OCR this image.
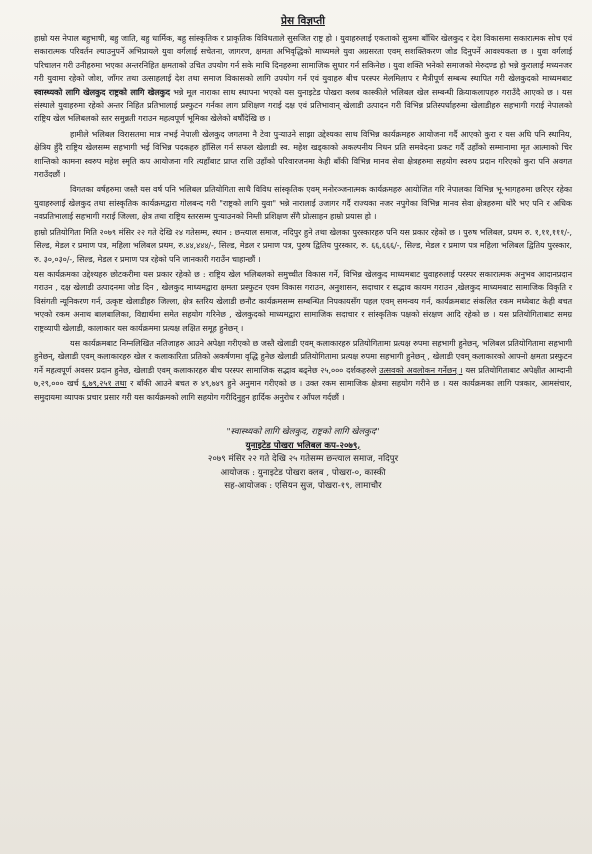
प्रेस विज्ञप्ती

हाम्रो यस नेपाल बहुभाषी, बहु जाति, बहु धार्मिक, बहु सांस्कृतिक र प्राकृतिक विविधताले सुसजित राष्ट्र हो । युवाहरुलाई एकताको सुत्रमा बाँधिर खेलकुद र देश विकासमा सकारात्मक सोच एवं सकारात्मक परिवर्तन ल्याउनुपर्ने अभिप्रायले युवा वर्गलाई सचेतना, जागरण, क्षमता अभिवृद्धिको माध्यमले युवा अग्रसरता एवम् सशक्तिकरण जोड दिनुपर्ने आवश्यकता छ । युवा वर्गलाई परिचालन गरी उनीहरुमा भएका अन्तरनिहित क्षमताको उचित उपयोग गर्न सके माथि दिनहरुमा सामाजिक सुधार गर्न सकिनेछ । युवा शक्ति भनेको समाजको मेरुदण्ड हो भन्ने कुरालाई मध्यनजर गरी युवामा रहेको जोश, जाँगर तथा उत्साहलाई देश तथा समाज विकासको लागि उपयोग गर्न एवं युवाहरु बीच परस्पर मेलमिलाप र मैत्रीपूर्ण सम्बन्ध स्थापित गरी खेलकुदको माध्यमबाट स्वास्थ्यको लागि खेलकुद राष्ट्रको लागि खेलकुद भन्ने मूल नाराका साथ स्थापना भएको यस युनाइटेड पोखरा क्लब कास्कीले भलिबल खेल सम्बन्धी क्रियाकलापहरु गराउँदै आएको छ । यस संस्थाले युवाहरुमा रहेको अन्तर निहित प्रतिभालाई प्रस्फुटन गर्नका लाग प्रशिक्षण गराई दक्ष एवं प्रतिभावान् खेलाडी उत्पादन गरी विभिन्न प्रतिस्पर्धाहरुमा खेलाडीहरु सहभागी गराई नेपालको राष्ट्रिय खेल भलिबलको स्तर समुन्नती गराउन महत्वपूर्ण भूमिका खेलेको बर्षौंदेखि छ ।

हामीले भलिबल विरासतमा मात्र नभई नेपाली खेलकुद जगतमा नै टेवा पुऱ्याउने साझा उद्देश्यका साथ विभिन्न कार्यक्रमहरु आयोजना गर्दै आएको कुरा र यस अघि पनि स्थानिय, क्षेत्रिय हुँदै राष्ट्रिय खेलसम्म सहभागी भई विभिन्न पदकहरु हाँसिल गर्न सफल खेलाडी स्व. महेश खड्काको अकल्पनीय निधन प्रति समवेदना प्रकट गर्दै उहाँको सम्मानामा मृत आत्माको चिर शान्तिको कामना स्वरुप महेश स्मृति कप आयोजना गरि त्यहाँबाट प्राप्त राशि उहाँको परिवारजनमा केही बाँकी विभिन्न मानव सेवा क्षेत्रहरुमा सहयोग स्वरुप प्रदान गरिएको कुरा पनि अवगत गराउँदछौं ।

विगतका वर्षहरुमा जस्तै यस वर्ष पनि भलिबल प्रतियोगिता साथै विविध सांस्कृतिक एवम् मनोरञ्जनात्मक कार्यक्रमहरु आयोजित गरि नेपालका विभिन्न भू-भागहरुमा छरिएर रहेका युवाहरुलाई खेलकुद तथा सांस्कृतिक कार्यक्रमद्वारा गोलबन्द गरी "राष्ट्रको लागि युवा" भन्ने नारालाई उजागर गर्दै राज्यका नजर नपुगेका विभिन्न मानव सेवा क्षेत्रहरुमा थोरै भए पनि र अधिक नवप्रतिभालाई सहभागी गराई जिल्ला, क्षेत्र तथा राष्ट्रिय स्तरसम्म पुऱ्याउनको निम्ती प्रशिक्षण सँगै प्रोत्साहन हाम्रो प्रयास हो ।

हाम्रो प्रतियोगिता मिति २०७९ मंसिर २२ गते देखि २४ गतेसम्म, स्थान : छन्त्याल समाज, नदिपुर हुने तथा खेलका पुरस्कारहरु पनि यस प्रकार रहेको छ । पुरुष भलिबल, प्रथम रु. १,११,१११/-, सिल्ड, मेडल र प्रमाण पत्र, महिला भलिबल प्रथम, रु.४४,४४४/-, सिल्ड, मेडल र प्रमाण पत्र, पुरुष द्वितिय पुरस्कार, रु. ६६,६६६/-, सिल्ड, मेडल र प्रमाण पत्र महिला भलिबल द्वितिय पुरस्कार, रु. ३०,०३०/-, सिल्ड, मेडल र प्रमाण पत्र रहेको पनि जानकारी गराउँन चाहान्छौं ।

यस कार्यक्रमका उद्देश्यहरु छोटकरीमा यस प्रकार रहेको छ : राष्ट्रिय खेल भलिबलको समुच्चीत विकास गर्ने, विभिन्न खेलकुद माध्यमबाट युवाहरुलाई परस्पर सकारात्मक अनुभव आदानप्रदान गराउन , दक्ष खेलाडी उत्पादनमा जोड दिन , खेलकुद माध्यमद्वारा क्षमता प्रस्फुटन एवम विकास गराउन, अनुशासन, सदाचार र सद्भाव कायम गराउन ,खेलकुद माध्यमबाट सामाजिक विकृति र विसंगती न्यूनिकरण गर्न, उत्कृष्ट खेलाडीहरु जिल्ला, क्षेत्र स्तरिय खेलाडी छनौट कार्यक्रमसम्म सम्बन्धित निपकायसँग पहल एवम् समन्वय गर्न, कार्यक्रमबाट संकलित रकम मध्येबाट केही बचत भएको रकम अनाथ बालबालिका, विद्यार्थमा समेत सहयोग गरिनेछ , खेलकुदको माध्यमद्वारा सामाजिक सदाचार र सांस्कृतिक पक्षको संरक्षण आदि रहेको छ । यस प्रतियोगिताबाट समग्र राष्ट्रव्यापी खेलाडी, कालाकार यस कार्यक्रममा प्रत्यक्ष लक्षित समूह हुनेछन् ।

यस कार्यक्रमबाट निम्नलिखित नतिजाहरु आउने अपेक्षा गरीएको छ जस्तै खेलाडी एवम् कलाकारहरु प्रतियोगितामा प्रत्यक्ष रुपमा सहभागी हुनेछन्, भलिबल प्रतियोगितामा सहभागी हुनेछन्, खेलाडी एवम् कलाकारहरु खेल र कलाकारिता प्रतिको अकर्षणमा वृद्धि हुनेछ खेलाडी प्रतियोगितामा प्रत्यक्ष रुपमा सहभागी हुनेछन् , खेलाडी एवम् कलाकारको आफ्नो क्षमता प्रस्फुटन गर्ने महत्वपूर्ण अवसर प्रदान हुनेछ, खेलाडी एवम् कलाकारहरु बीच परस्पर सामाजिक सद्भाव बढ्नेछ २५,००० दर्शकहरुले उत्सवको अवलोकन गर्नेछन् । यस प्रतियोगिताबाट अपेक्षीत आम्दानी ७,२९,००० खर्च ६,७९,२५१ तथा र बाँकी आउने बचत रु ४९,७४९ हुने अनुमान गरीएको छ । उक्त रकम सामाजिक क्षेत्रमा सहयोग गरीने छ । यस कार्यक्रमका लागि पत्रकार, आमसंचार, समुदायमा व्यापक प्रचार प्रसार गरी यस कार्यक्रमको लागि सहयोग गरीदिनुहुन हार्दिक अनुरोध र आँपल गर्दछौं ।

"स्वास्थ्यको लागि खेलकुद, राष्ट्रको लागि खेलकुद"
युनाइटेड पोखरा भलिबल कप-२०७९,
२०७९ मंसिर २२ गते देखि २५ गतेसम्म छन्त्याल समाज, नदिपुर
आयोजक : युनाइटेड पोखरा क्लब , पोखरा-०, कास्की
सह-आयोजक : एसियन सुज, पोखरा-१९, लामाचौर
